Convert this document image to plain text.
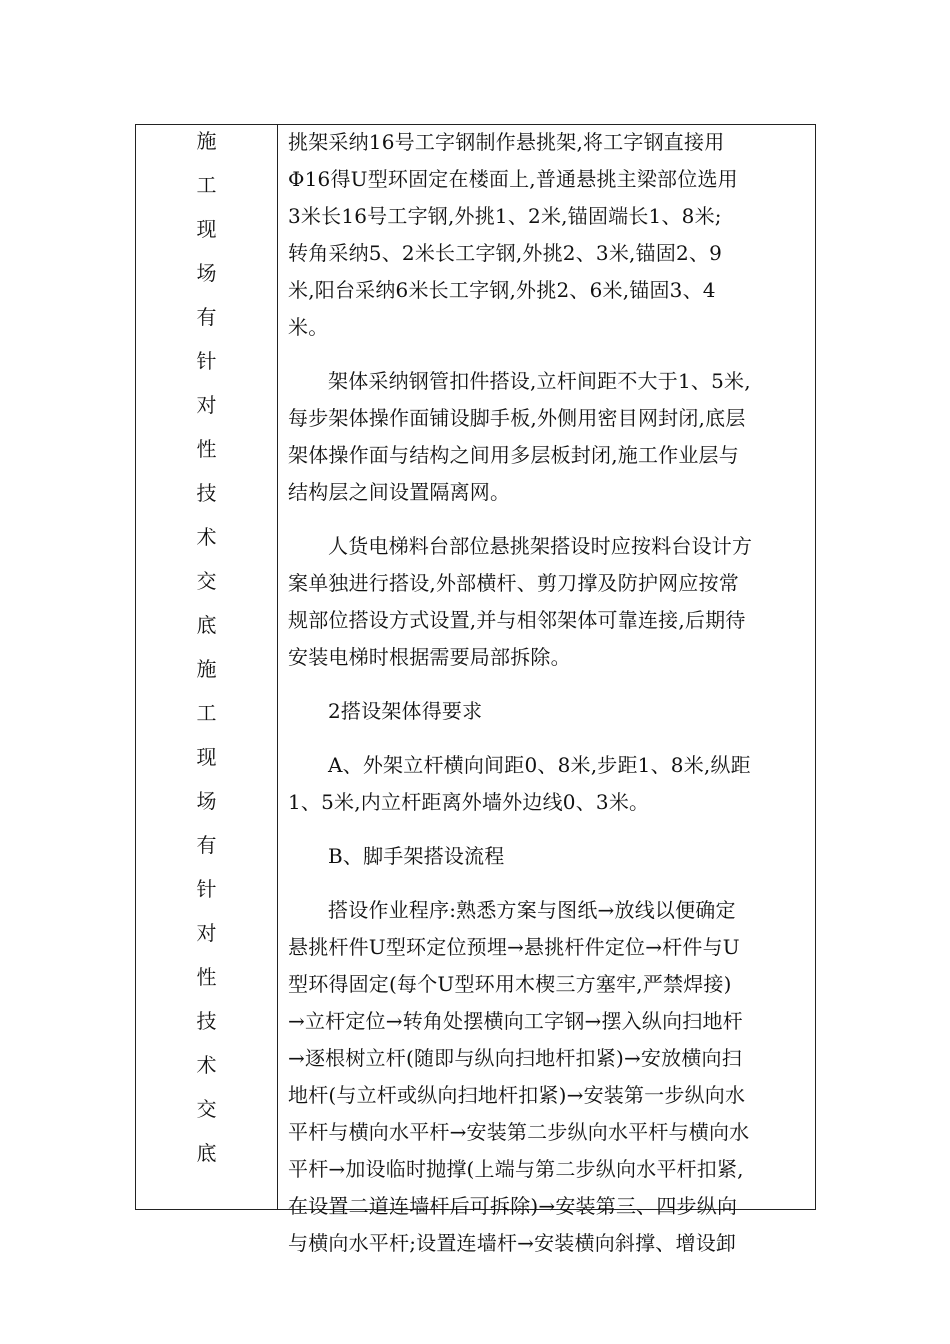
施
工
现
场
有
针
对
性
技
术
交
底
施
工
现
场
有
针
对
性
技
术
交
底
挑架采纳16号工字钢制作悬挑架,将工字钢直接用
Φ16得U型环固定在楼面上,普通悬挑主梁部位选用
3米长16号工字钢,外挑1、2米,锚固端长1、8米;
转角采纳5、2米长工字钢,外挑2、3米,锚固2、9
米,阳台采纳6米长工字钢,外挑2、6米,锚固3、4
米。
架体采纳钢管扣件搭设,立杆间距不大于1、5米,
每步架体操作面铺设脚手板,外侧用密目网封闭,底层
架体操作面与结构之间用多层板封闭,施工作业层与
结构层之间设置隔离网。
人货电梯料台部位悬挑架搭设时应按料台设计方
案单独进行搭设,外部横杆、剪刀撑及防护网应按常
规部位搭设方式设置,并与相邻架体可靠连接,后期待
安装电梯时根据需要局部拆除。
2搭设架体得要求
A、外架立杆横向间距0、8米,步距1、8米,纵距
1、5米,内立杆距离外墙外边线0、3米。
B、脚手架搭设流程
搭设作业程序:熟悉方案与图纸→放线以便确定
悬挑杆件U型环定位预埋→悬挑杆件定位→杆件与U
型环得固定(每个U型环用木楔三方塞牢,严禁焊接)
→立杆定位→转角处摆横向工字钢→摆入纵向扫地杆
→逐根树立杆(随即与纵向扫地杆扣紧)→安放横向扫
地杆(与立杆或纵向扫地杆扣紧)→安装第一步纵向水
平杆与横向水平杆→安装第二步纵向水平杆与横向水
平杆→加设临时抛撑(上端与第二步纵向水平杆扣紧,
在设置二道连墙杆后可拆除)→安装第三、四步纵向
与横向水平杆;设置连墙杆→安装横向斜撑、增设卸
